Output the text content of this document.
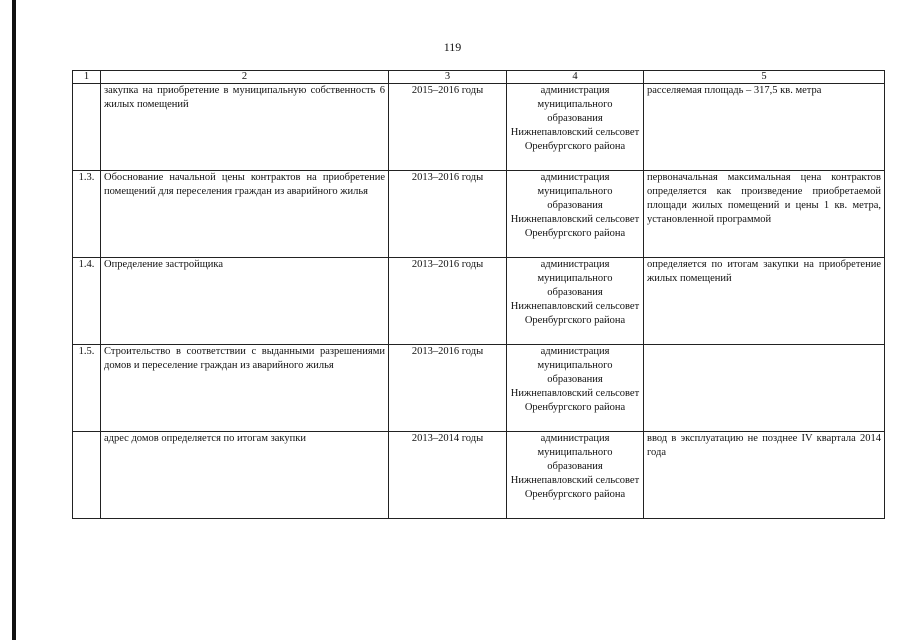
119
1	2	3	4	5
	закупка на приобретение в муниципальную собственность 6 жилых помещений	2015–2016 годы	администрация муниципального образования Нижнепавловский сельсовет Оренбургского района	расселяемая площадь – 317,5 кв. метра
1.3.	Обоснование начальной цены контрактов на приобретение помещений для переселения граждан из аварийного жилья	2013–2016 годы	администрация муниципального образования Нижнепавловский сельсовет Оренбургского района	первоначальная максимальная цена контрактов определяется как произведение приобретаемой площади жилых помещений и цены 1 кв. метра, установленной программой
1.4.	Определение застройщика	2013–2016 годы	администрация муниципального образования Нижнепавловский сельсовет Оренбургского района	определяется по итогам закупки на приобретение жилых помещений
1.5.	Строительство в соответствии с выданными разрешениями домов и переселение граждан из аварийного жилья	2013–2016 годы	администрация муниципального образования Нижнепавловский сельсовет Оренбургского района	
	адрес домов определяется по итогам закупки	2013–2014 годы	администрация муниципального образования Нижнепавловский сельсовет Оренбургского района	ввод в эксплуатацию не позднее IV квартала 2014 года
